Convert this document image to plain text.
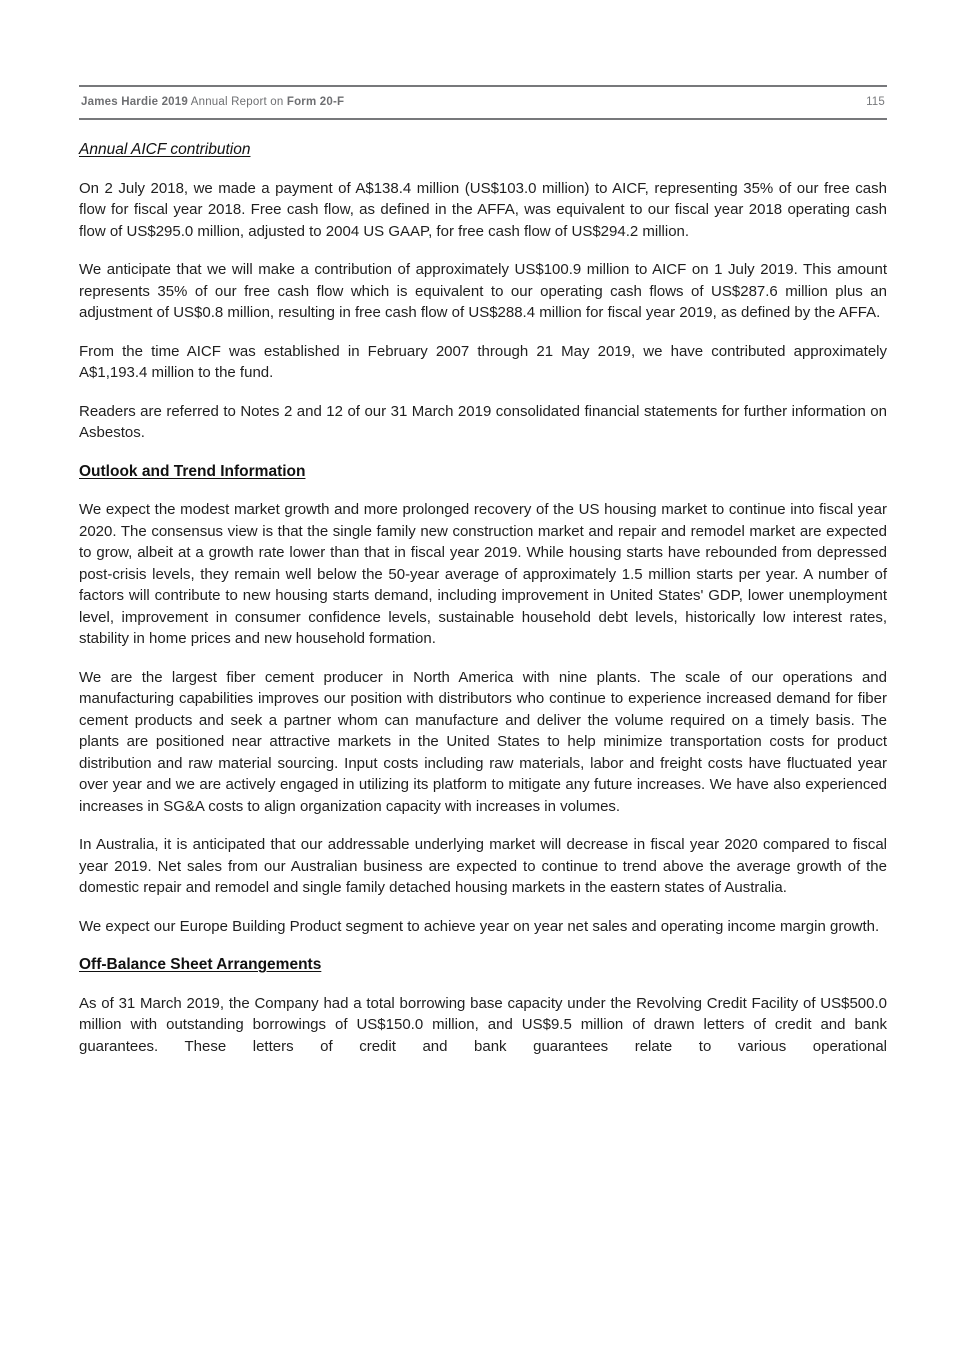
James Hardie 2019 Annual Report on Form 20-F	115
Annual AICF contribution

On 2 July 2018, we made a payment of A$138.4 million (US$103.0 million) to AICF, representing 35% of our free cash flow for fiscal year 2018. Free cash flow, as defined in the AFFA, was equivalent to our fiscal year 2018 operating cash flow of US$295.0 million, adjusted to 2004 US GAAP, for free cash flow of US$294.2 million.

We anticipate that we will make a contribution of approximately US$100.9 million to AICF on 1 July 2019. This amount represents 35% of our free cash flow which is equivalent to our operating cash flows of US$287.6 million plus an adjustment of US$0.8 million, resulting in free cash flow of US$288.4 million for fiscal year 2019, as defined by the AFFA.

From the time AICF was established in February 2007 through 21 May 2019, we have contributed approximately A$1,193.4 million to the fund.

Readers are referred to Notes 2 and 12 of our 31 March 2019 consolidated financial statements for further information on Asbestos.

Outlook and Trend Information

We expect the modest market growth and more prolonged recovery of the US housing market to continue into fiscal year 2020. The consensus view is that the single family new construction market and repair and remodel market are expected to grow, albeit at a growth rate lower than that in fiscal year 2019. While housing starts have rebounded from depressed post-crisis levels, they remain well below the 50-year average of approximately 1.5 million starts per year. A number of factors will contribute to new housing starts demand, including improvement in United States' GDP, lower unemployment level, improvement in consumer confidence levels, sustainable household debt levels, historically low interest rates, stability in home prices and new household formation.

We are the largest fiber cement producer in North America with nine plants. The scale of our operations and manufacturing capabilities improves our position with distributors who continue to experience increased demand for fiber cement products and seek a partner whom can manufacture and deliver the volume required on a timely basis. The plants are positioned near attractive markets in the United States to help minimize transportation costs for product distribution and raw material sourcing. Input costs including raw materials, labor and freight costs have fluctuated year over year and we are actively engaged in utilizing its platform to mitigate any future increases. We have also experienced increases in SG&A costs to align organization capacity with increases in volumes.

In Australia, it is anticipated that our addressable underlying market will decrease in fiscal year 2020 compared to fiscal year 2019. Net sales from our Australian business are expected to continue to trend above the average growth of the domestic repair and remodel and single family detached housing markets in the eastern states of Australia.

We expect our Europe Building Product segment to achieve year on year net sales and operating income margin growth.

Off-Balance Sheet Arrangements

As of 31 March 2019, the Company had a total borrowing base capacity under the Revolving Credit Facility of US$500.0 million with outstanding borrowings of US$150.0 million, and US$9.5 million of drawn letters of credit and bank guarantees. These letters of credit and bank guarantees relate to various operational
